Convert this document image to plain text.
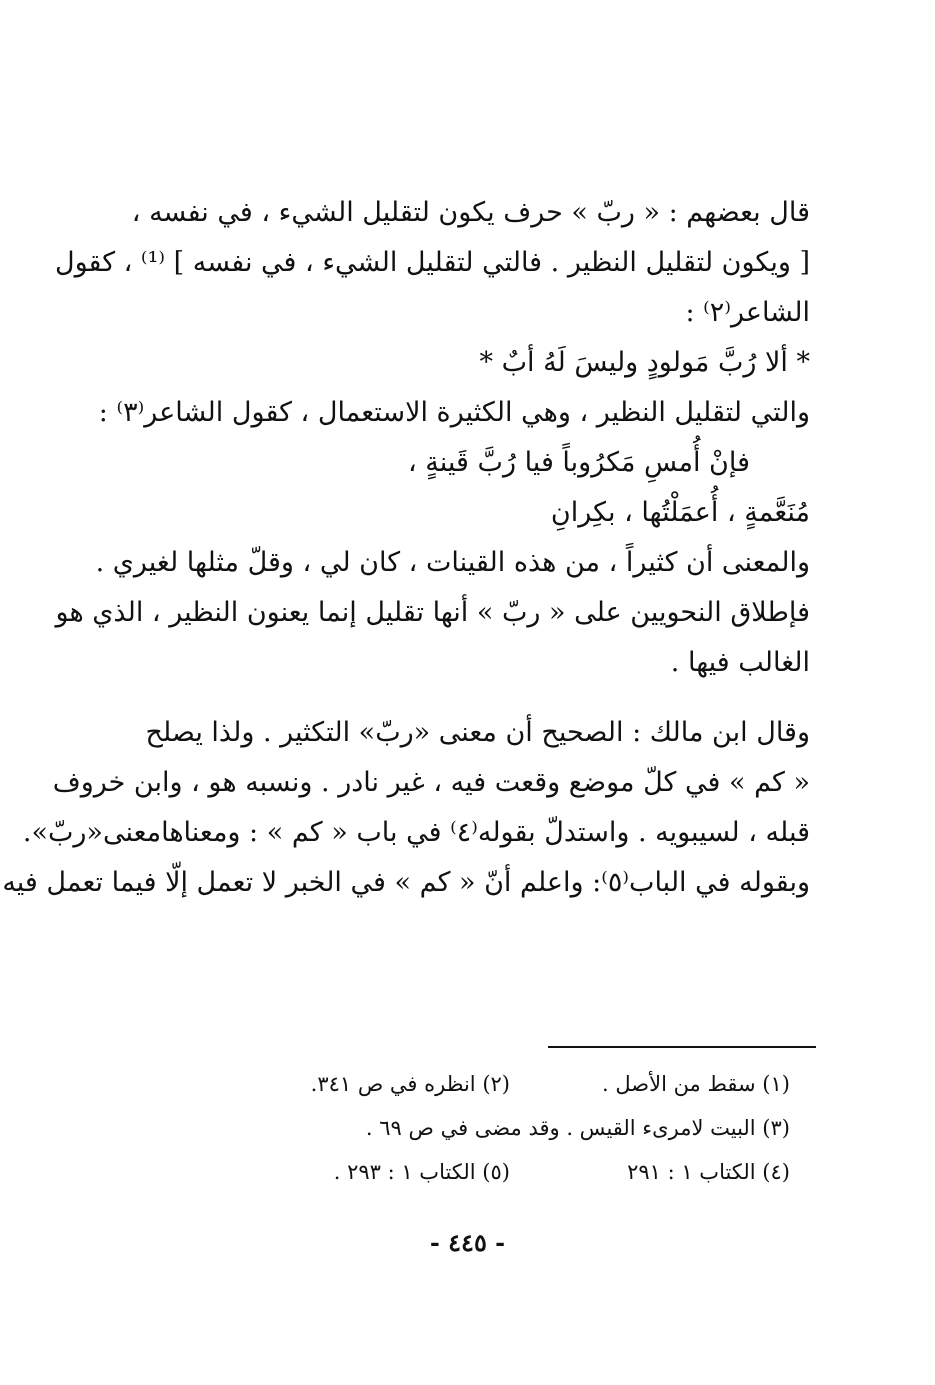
قال بعضهم : « ربّ » حرف يكون لتقليل الشيء ، في نفسه ،
[ ويكون لتقليل النظير . فالتي لتقليل الشيء ، في نفسه ] ⁽¹⁾ ، كقول
الشاعر⁽٢⁾ :
* ألا رُبَّ مَولودٍ وليسَ لَهُ أبٌ *
والتي لتقليل النظير ، وهي الكثيرة الاستعمال ، كقول الشاعر⁽٣⁾ :
فإنْ أُمسِ مَكرُوباً فيا رُبَّ قَينةٍ ،
مُنَعَّمةٍ ، أُعمَلْتُها ، بكِرانِ
والمعنى أن كثيراً ، من هذه القينات ، كان لي ، وقلّ مثلها لغيري .
فإطلاق النحويين على « ربّ » أنها تقليل إنما يعنون النظير ، الذي هو
الغالب فيها .
وقال ابن مالك : الصحيح أن معنى «ربّ» التكثير . ولذا يصلح
« كم » في كلّ موضع وقعت فيه ، غير نادر . ونسبه هو ، وابن خروف
قبله ، لسيبويه . واستدلّ بقوله⁽٤⁾ في باب « كم » : ومعناهامعنى«ربّ».
وبقوله في الباب⁽٥⁾: واعلم أنّ « كم » في الخبر لا تعمل إلّا فيما تعمل فيه
(١) سقط من الأصل .
(٢) انظره في ص ٣٤١.
(٣) البيت لامرىء القيس . وقد مضى في ص ٦٩ .
(٤) الكتاب ١ : ٢٩١
(٥) الكتاب ١ : ٢٩٣ .
- ٤٤٥ -
